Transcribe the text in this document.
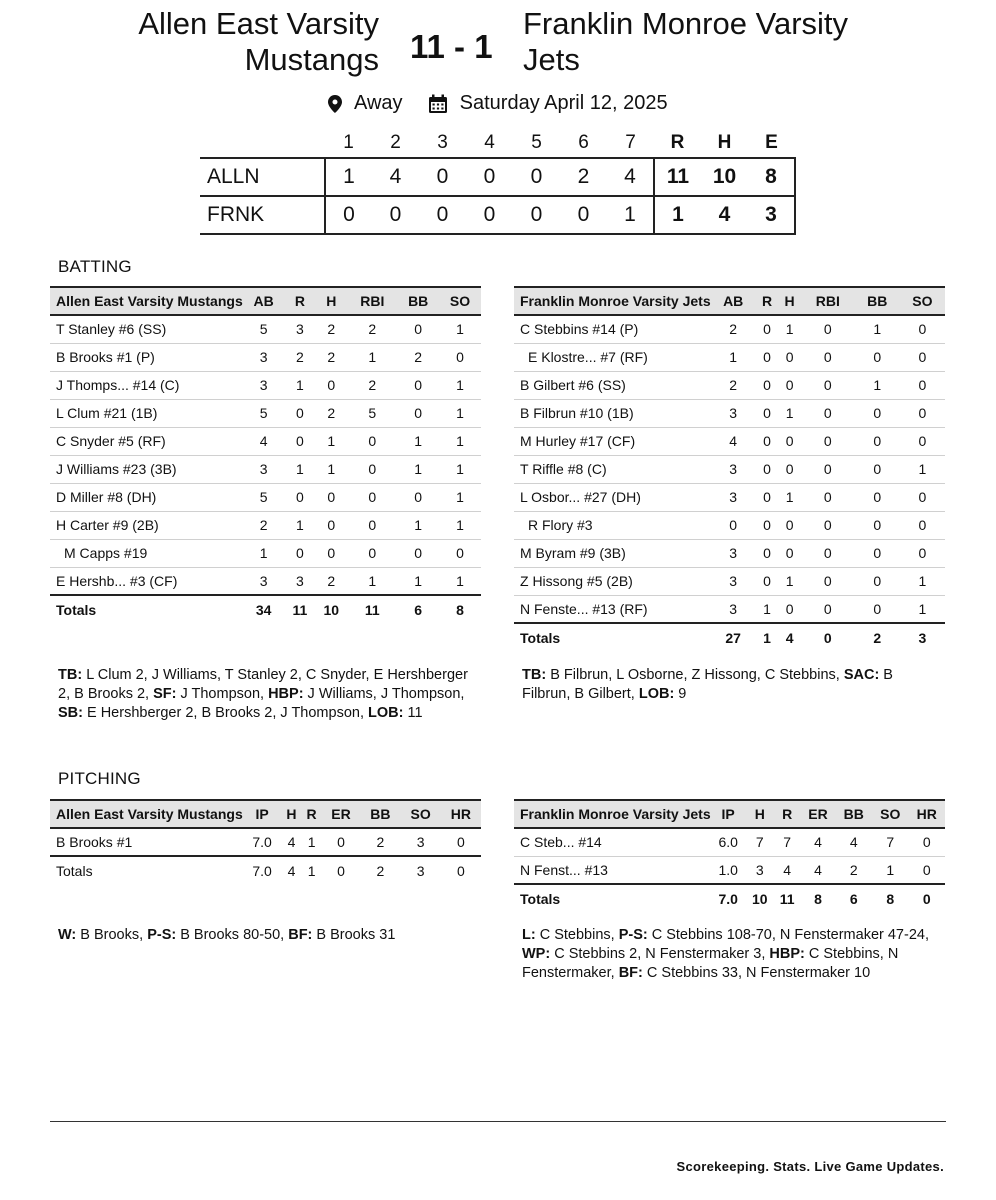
Allen East Varsity
Mustangs 11 - 1
Franklin Monroe Varsity
Jets
Away	Saturday April 12, 2025
	1	2	3	4	5	6	7	R	H	E
ALLN	1	4	0	0	0	2	4	11	10	8
FRNK	0	0	0	0	0	0	1	1	4	3
BATTING
Allen East Varsity Mustangs	AB	R	H	RBI	BB	SO
T Stanley #6 (SS)	5	3	2	2	0	1
B Brooks #1 (P)	3	2	2	1	2	0
J Thomps... #14 (C)	3	1	0	2	0	1
L Clum #21 (1B)	5	0	2	5	0	1
C Snyder #5 (RF)	4	0	1	0	1	1
J Williams #23 (3B)	3	1	1	0	1	1
D Miller #8 (DH)	5	0	0	0	0	1
H Carter #9 (2B)	2	1	0	0	1	1
M Capps #19	1	0	0	0	0	0
E Hershb... #3 (CF)	3	3	2	1	1	1
Totals	34	11	10	11	6	8
Franklin Monroe Varsity Jets	AB	R	H	RBI	BB	SO
C Stebbins #14 (P)	2	0	1	0	1	0
E Klostre... #7 (RF)	1	0	0	0	0	0
B Gilbert #6 (SS)	2	0	0	0	1	0
B Filbrun #10 (1B)	3	0	1	0	0	0
M Hurley #17 (CF)	4	0	0	0	0	0
T Riffle #8 (C)	3	0	0	0	0	1
L Osbor... #27 (DH)	3	0	1	0	0	0
R Flory #3	0	0	0	0	0	0
M Byram #9 (3B)	3	0	0	0	0	0
Z Hissong #5 (2B)	3	0	1	0	0	1
N Fenste... #13 (RF)	3	1	0	0	0	1
Totals	27	1	4	0	2	3
TB: L Clum 2, J Williams, T Stanley 2, C Snyder, E Hershberger 2, B Brooks 2, SF: J Thompson, HBP: J Williams, J Thompson, SB: E Hershberger 2, B Brooks 2, J Thompson, LOB: 11
TB: B Filbrun, L Osborne, Z Hissong, C Stebbins, SAC: B Filbrun, B Gilbert, LOB: 9
PITCHING
Allen East Varsity Mustangs	IP	H	R	ER	BB	SO	HR
B Brooks #1	7.0	4	1	0	2	3	0
Totals	7.0	4	1	0	2	3	0
Franklin Monroe Varsity Jets	IP	H	R	ER	BB	SO	HR
C Steb... #14	6.0	7	7	4	4	7	0
N Fenst... #13	1.0	3	4	4	2	1	0
Totals	7.0	10	11	8	6	8	0
W: B Brooks, P-S: B Brooks 80-50, BF: B Brooks 31	L: C Stebbins, P-S: C Stebbins 108-70, N Fenstermaker 47-24, WP: C Stebbins 2, N Fenstermaker 3, HBP: C Stebbins, N Fenstermaker, BF: C Stebbins 33, N Fenstermaker 10
Scorekeeping. Stats. Live Game Updates.
